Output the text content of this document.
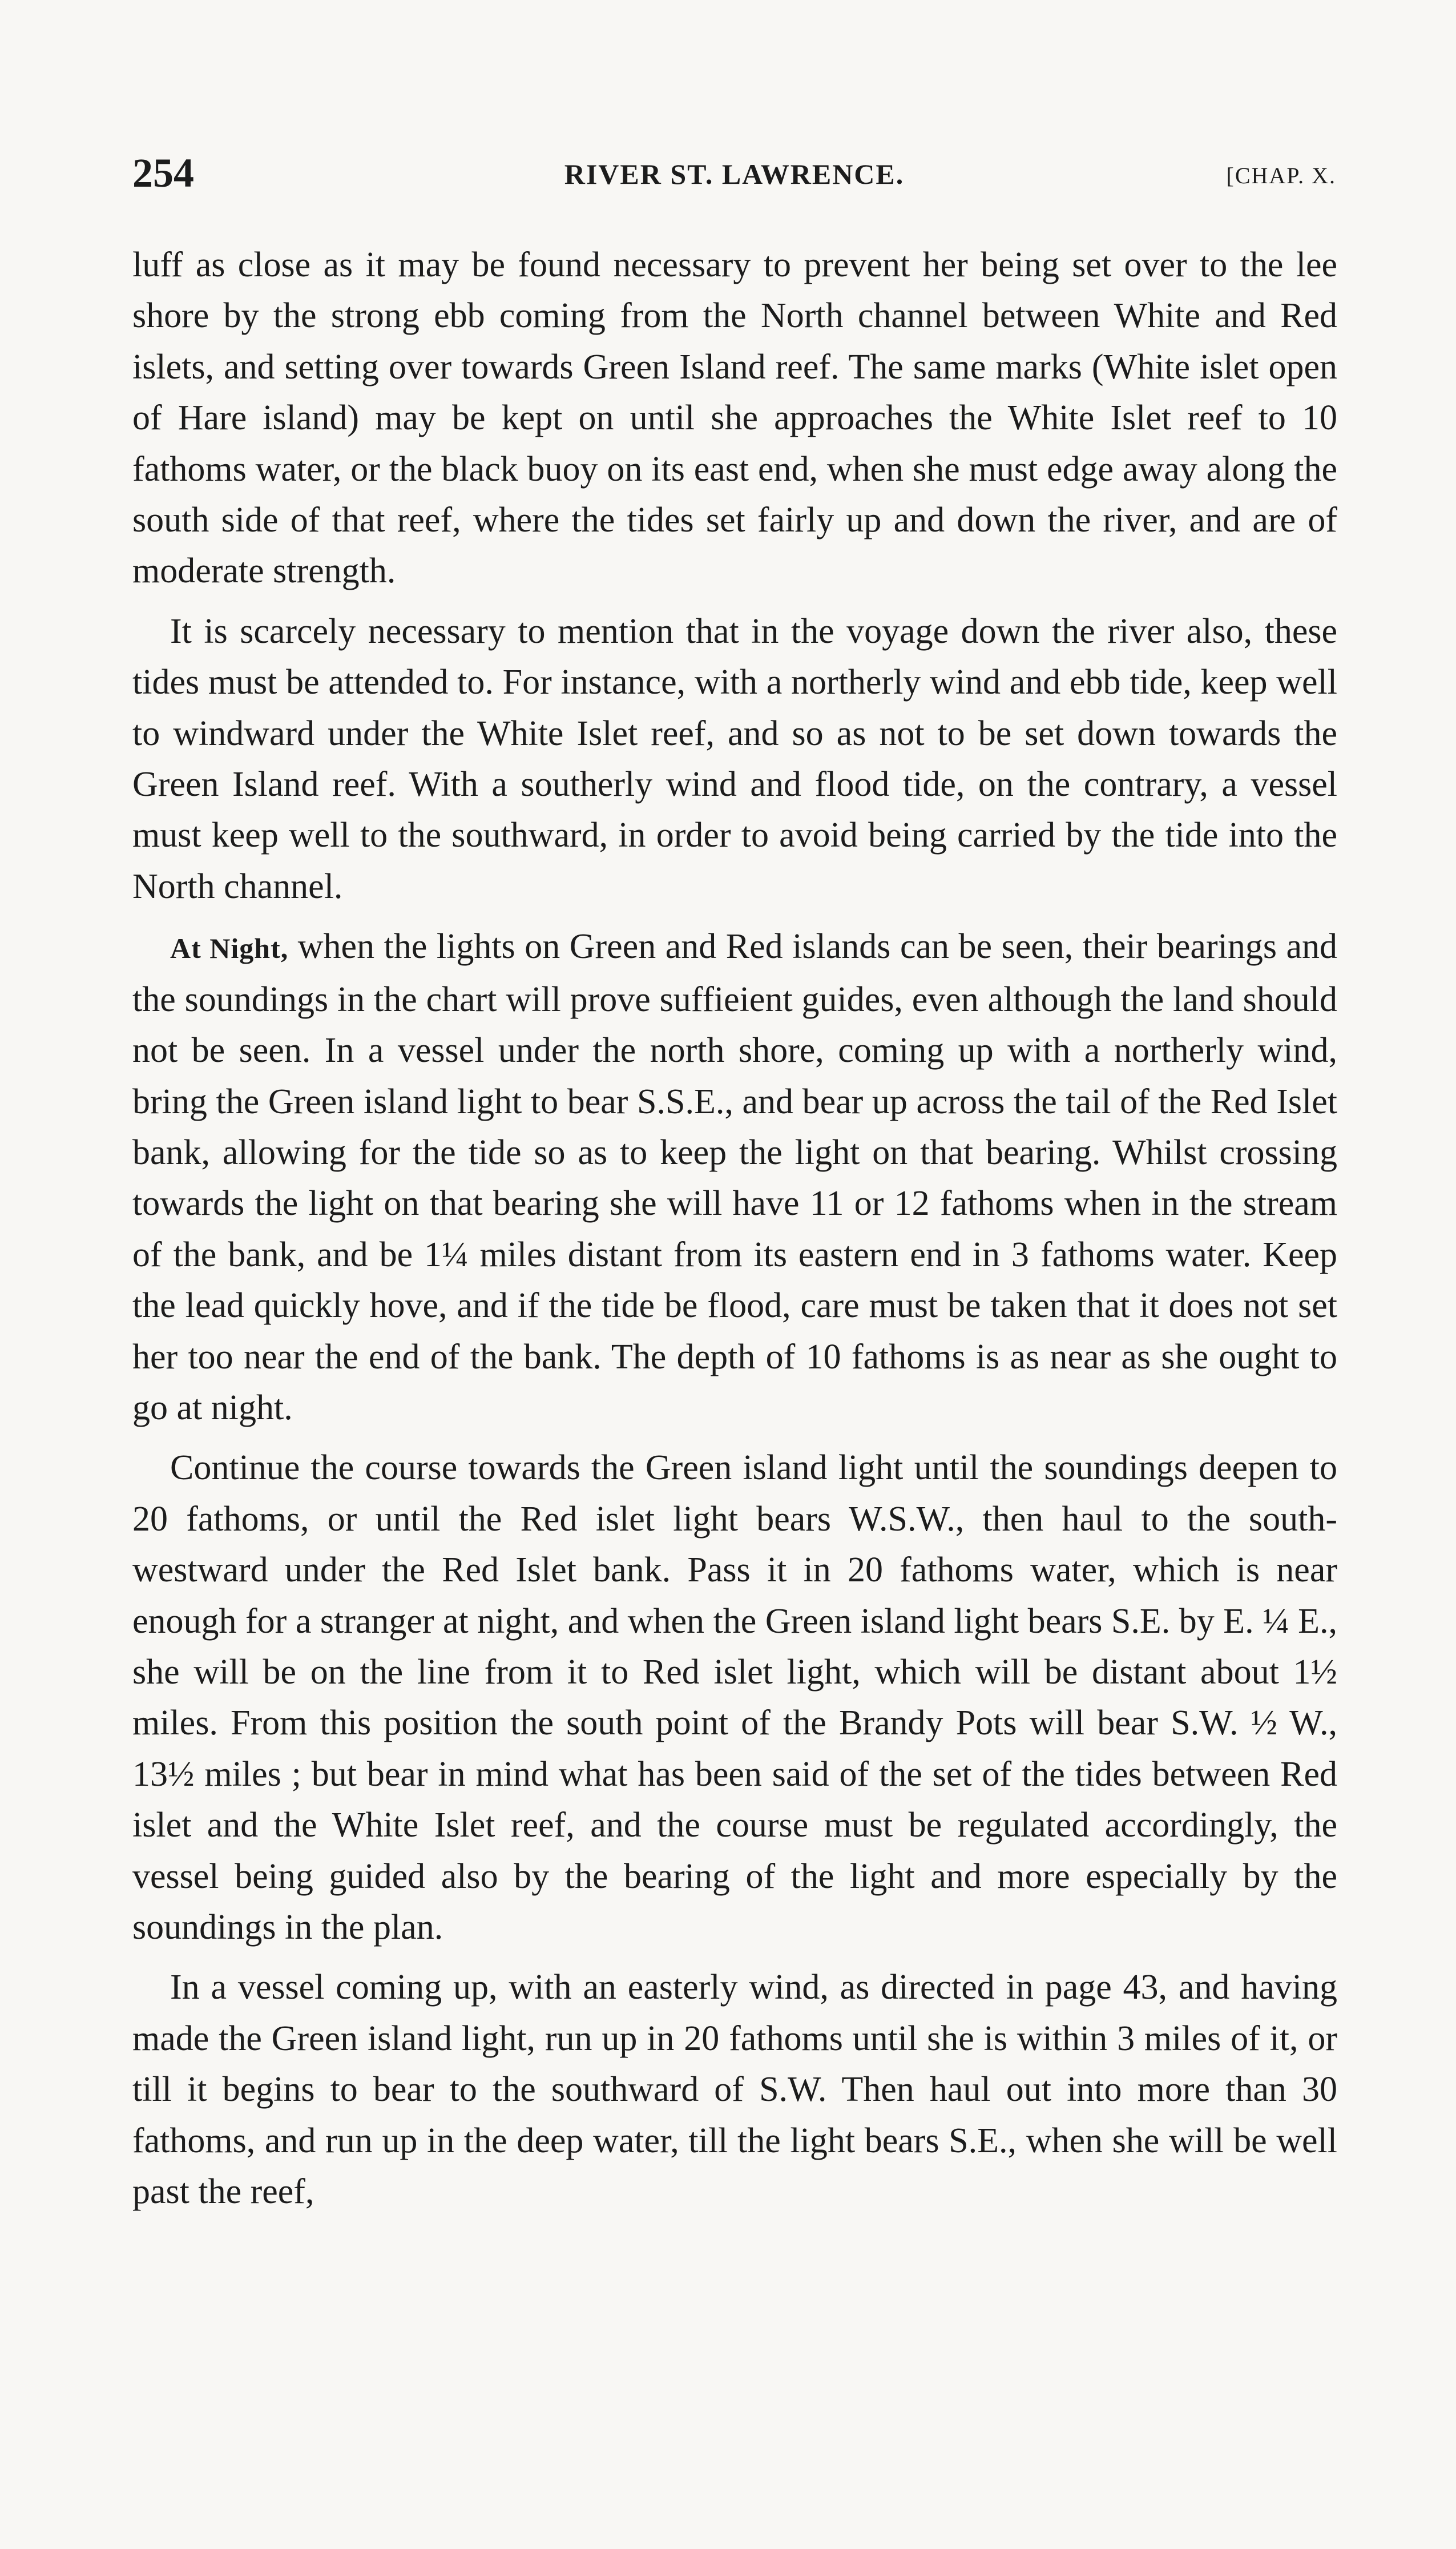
254	RIVER ST. LAWRENCE.	[CHAP. X.

luff as close as it may be found necessary to prevent her being set over to the lee shore by the strong ebb coming from the North channel between White and Red islets, and setting over towards Green Island reef. The same marks (White islet open of Hare island) may be kept on until she approaches the White Islet reef to 10 fathoms water, or the black buoy on its east end, when she must edge away along the south side of that reef, where the tides set fairly up and down the river, and are of moderate strength.

It is scarcely necessary to mention that in the voyage down the river also, these tides must be attended to. For instance, with a northerly wind and ebb tide, keep well to windward under the White Islet reef, and so as not to be set down towards the Green Island reef. With a southerly wind and flood tide, on the contrary, a vessel must keep well to the southward, in order to avoid being carried by the tide into the North channel.

At Night, when the lights on Green and Red islands can be seen, their bearings and the soundings in the chart will prove suffieient guides, even although the land should not be seen. In a vessel under the north shore, coming up with a northerly wind, bring the Green island light to bear S.S.E., and bear up across the tail of the Red Islet bank, allowing for the tide so as to keep the light on that bearing. Whilst crossing towards the light on that bearing she will have 11 or 12 fathoms when in the stream of the bank, and be 1¼ miles distant from its eastern end in 3 fathoms water. Keep the lead quickly hove, and if the tide be flood, care must be taken that it does not set her too near the end of the bank. The depth of 10 fathoms is as near as she ought to go at night.

Continue the course towards the Green island light until the soundings deepen to 20 fathoms, or until the Red islet light bears W.S.W., then haul to the south-westward under the Red Islet bank. Pass it in 20 fathoms water, which is near enough for a stranger at night, and when the Green island light bears S.E. by E. ¼ E., she will be on the line from it to Red islet light, which will be distant about 1½ miles. From this position the south point of the Brandy Pots will bear S.W. ½ W., 13½ miles ; but bear in mind what has been said of the set of the tides between Red islet and the White Islet reef, and the course must be regulated accordingly, the vessel being guided also by the bearing of the light and more especially by the soundings in the plan.

In a vessel coming up, with an easterly wind, as directed in page 43, and having made the Green island light, run up in 20 fathoms until she is within 3 miles of it, or till it begins to bear to the southward of S.W. Then haul out into more than 30 fathoms, and run up in the deep water, till the light bears S.E., when she will be well past the reef,
